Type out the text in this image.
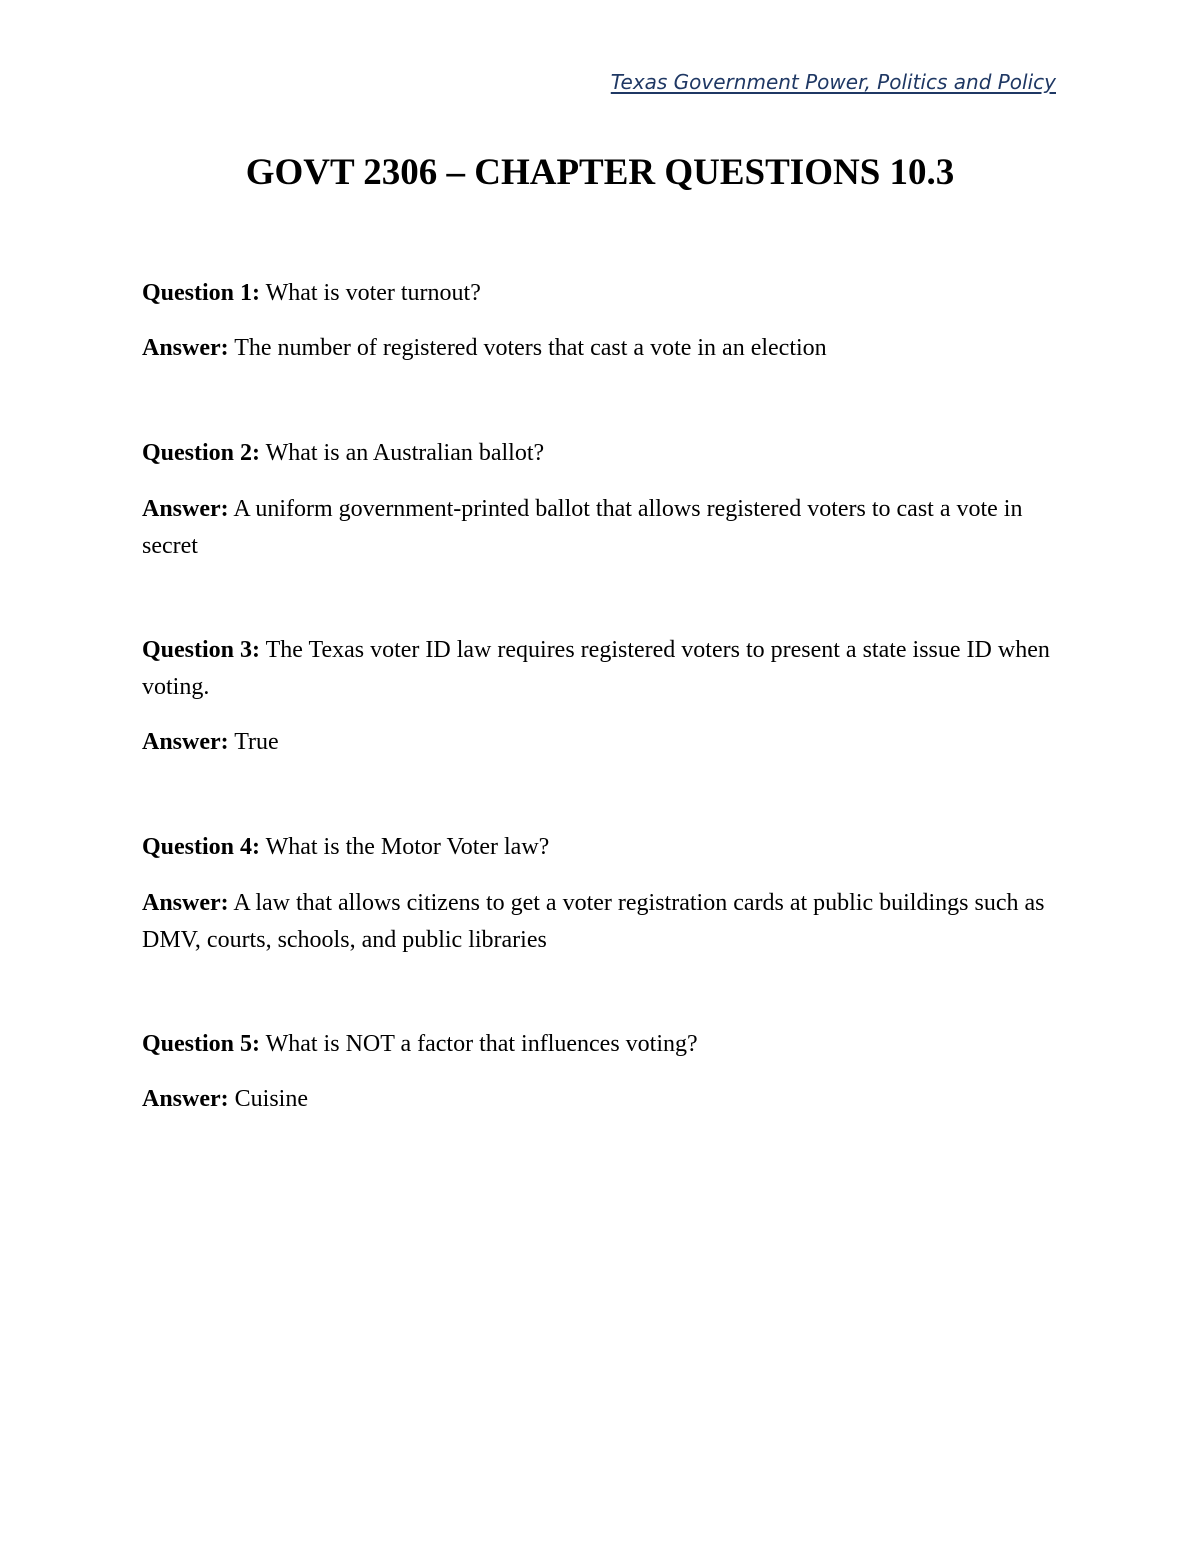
Texas Government Power, Politics and Policy
GOVT 2306 – CHAPTER QUESTIONS 10.3
Question 1: What is voter turnout?
Answer: The number of registered voters that cast a vote in an election
Question 2: What is an Australian ballot?
Answer: A uniform government-printed ballot that allows registered voters to cast a vote in secret
Question 3: The Texas voter ID law requires registered voters to present a state issue ID when voting.
Answer: True
Question 4: What is the Motor Voter law?
Answer: A law that allows citizens to get a voter registration cards at public buildings such as DMV, courts, schools, and public libraries
Question 5: What is NOT a factor that influences voting?
Answer: Cuisine
